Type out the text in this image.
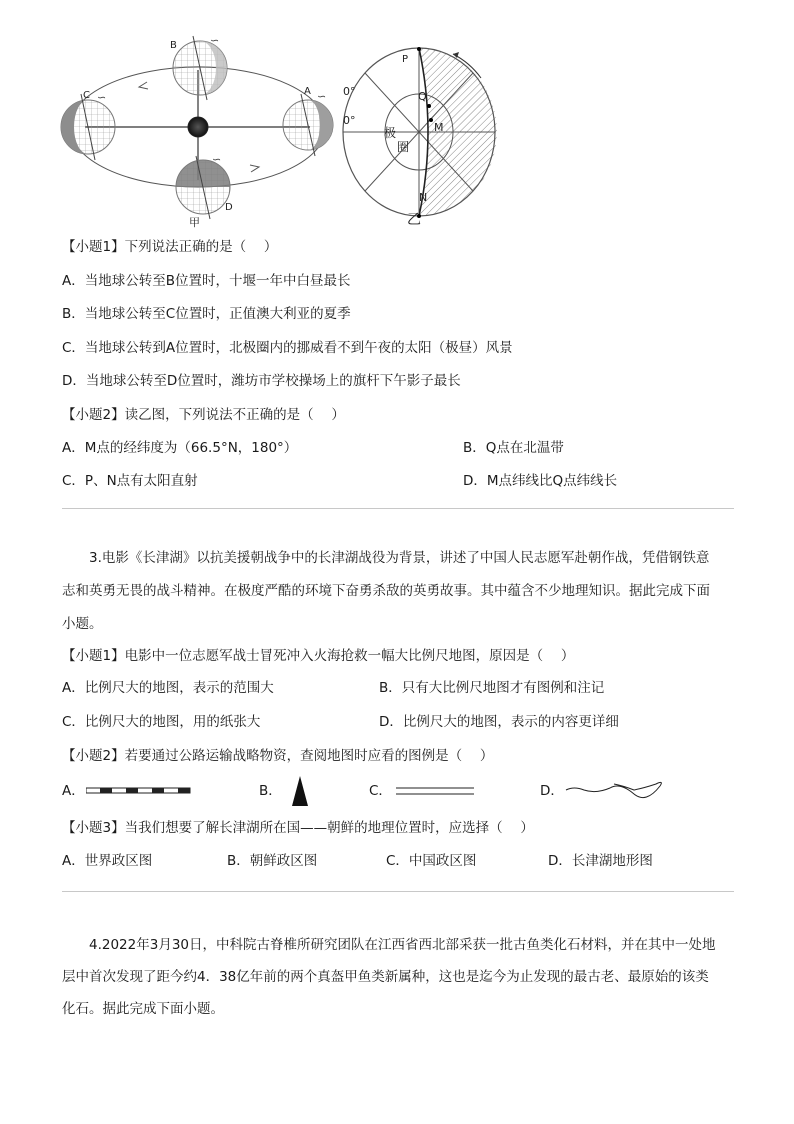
∽
∽	∽
∽
B
C	A
D
甲
P
Q
M
N
0°
0°
极
圈
乙
【小题1】下列说法正确的是（　 ）
A．当地球公转至B位置时，十堰一年中白昼最长
B．当地球公转至C位置时，正值澳大利亚的夏季
C．当地球公转到A位置时，北极圈内的挪威看不到午夜的太阳（极昼）风景
D．当地球公转至D位置时，潍坊市学校操场上的旗杆下午影子最长
【小题2】读乙图，下列说法不正确的是（　 ）
A．M点的经纬度为（66.5°N，180°）	B．Q点在北温带
C．P、N点有太阳直射	D．M点纬线比Q点纬线长
3.电影《长津湖》以抗美援朝战争中的长津湖战役为背景，讲述了中国人民志愿军赴朝作战，凭借钢铁意
志和英勇无畏的战斗精神。在极度严酷的环境下奋勇杀敌的英勇故事。其中蕴含不少地理知识。据此完成下面
小题。
【小题1】电影中一位志愿军战士冒死冲入火海抢救一幅大比例尺地图，原因是（　 ）
A．比例尺大的地图，表示的范围大	B．只有大比例尺地图才有图例和注记
C．比例尺大的地图，用的纸张大	D．比例尺大的地图，表示的内容更详细
【小题2】若要通过公路运输战略物资，查阅地图时应看的图例是（　 ）
A．	B．	C．	D．
【小题3】当我们想要了解长津湖所在国——朝鲜的地理位置时，应选择（　 ）
A．世界政区图	B．朝鲜政区图	C．中国政区图	D．长津湖地形图
4.2022年3月30日，中科院古脊椎所研究团队在江西省西北部采获一批古鱼类化石材料，并在其中一处地
层中首次发现了距今约4．38亿年前的两个真盔甲鱼类新属种，这也是迄今为止发现的最古老、最原始的该类
化石。据此完成下面小题。
